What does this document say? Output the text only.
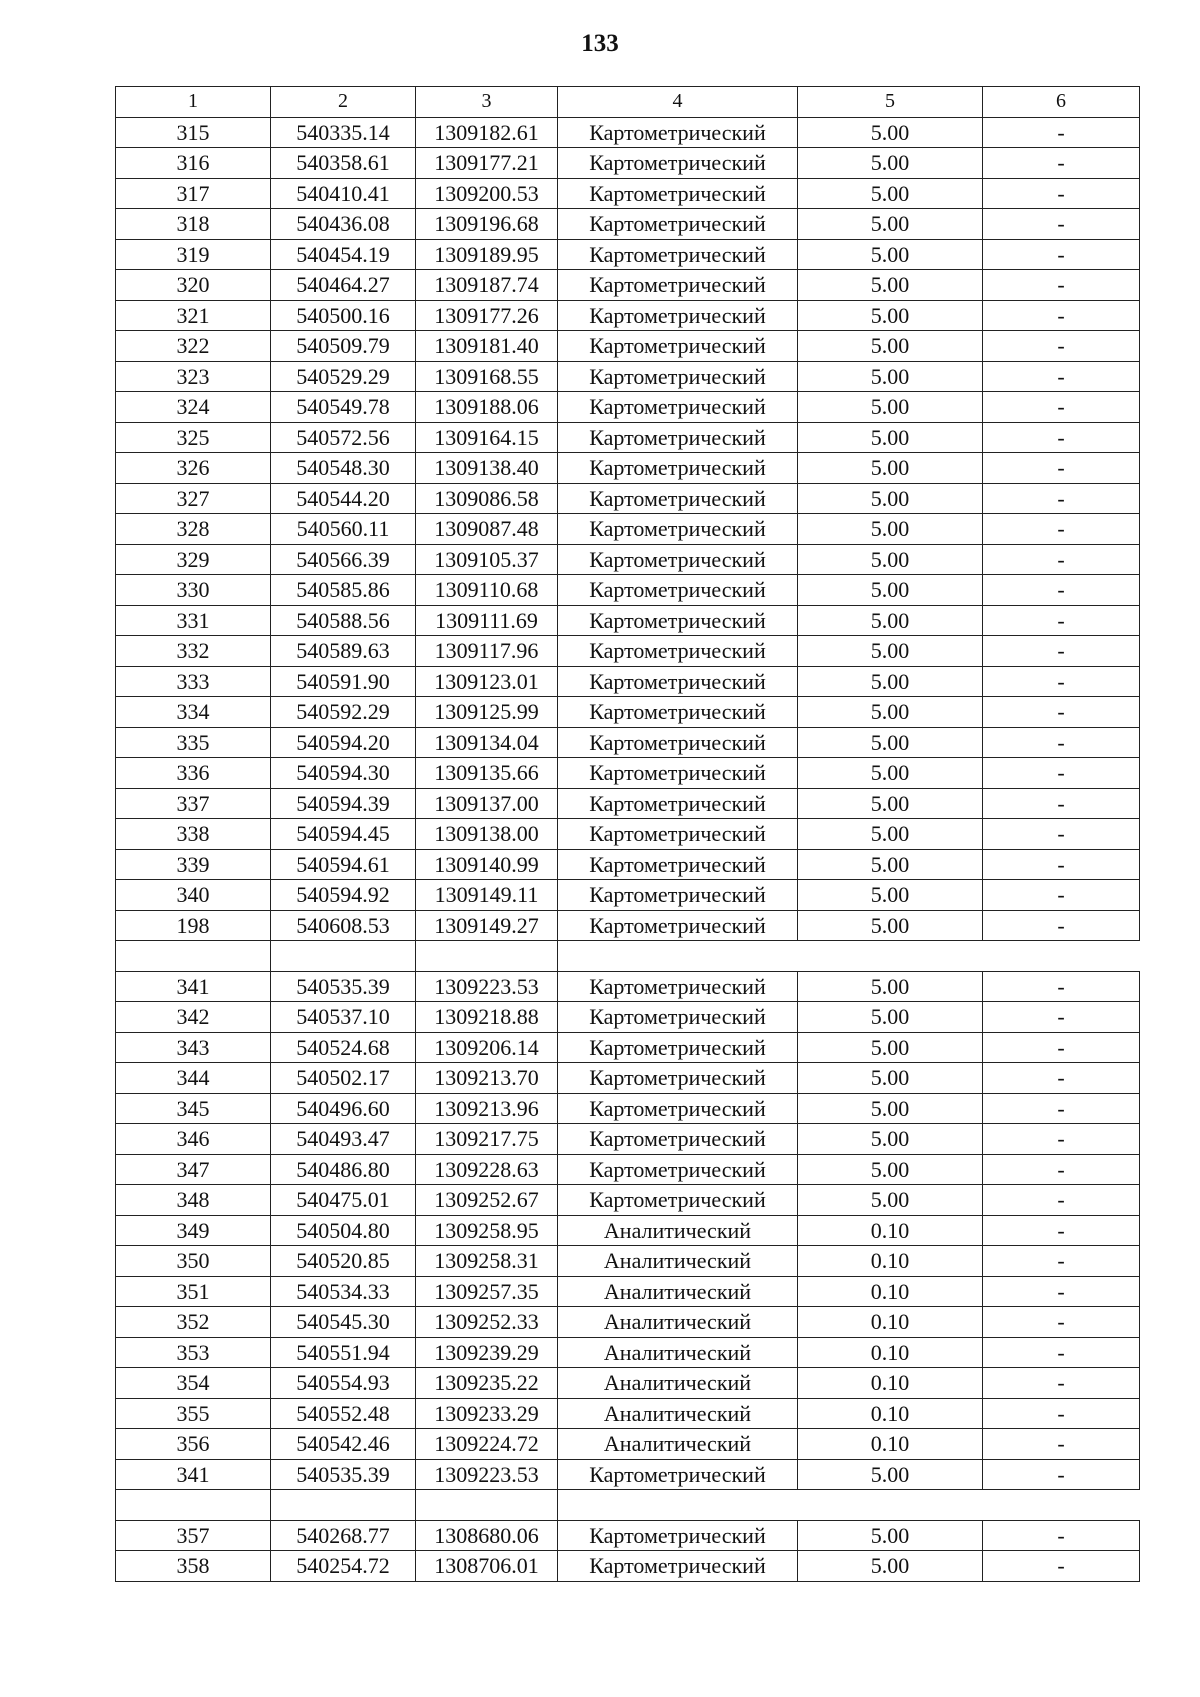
133
1	2	3	4	5	6
315	540335.14	1309182.61	Картометрический	5.00	-
316	540358.61	1309177.21	Картометрический	5.00	-
317	540410.41	1309200.53	Картометрический	5.00	-
318	540436.08	1309196.68	Картометрический	5.00	-
319	540454.19	1309189.95	Картометрический	5.00	-
320	540464.27	1309187.74	Картометрический	5.00	-
321	540500.16	1309177.26	Картометрический	5.00	-
322	540509.79	1309181.40	Картометрический	5.00	-
323	540529.29	1309168.55	Картометрический	5.00	-
324	540549.78	1309188.06	Картометрический	5.00	-
325	540572.56	1309164.15	Картометрический	5.00	-
326	540548.30	1309138.40	Картометрический	5.00	-
327	540544.20	1309086.58	Картометрический	5.00	-
328	540560.11	1309087.48	Картометрический	5.00	-
329	540566.39	1309105.37	Картометрический	5.00	-
330	540585.86	1309110.68	Картометрический	5.00	-
331	540588.56	1309111.69	Картометрический	5.00	-
332	540589.63	1309117.96	Картометрический	5.00	-
333	540591.90	1309123.01	Картометрический	5.00	-
334	540592.29	1309125.99	Картометрический	5.00	-
335	540594.20	1309134.04	Картометрический	5.00	-
336	540594.30	1309135.66	Картометрический	5.00	-
337	540594.39	1309137.00	Картометрический	5.00	-
338	540594.45	1309138.00	Картометрический	5.00	-
339	540594.61	1309140.99	Картометрический	5.00	-
340	540594.92	1309149.11	Картометрический	5.00	-
198	540608.53	1309149.27	Картометрический	5.00	-

341	540535.39	1309223.53	Картометрический	5.00	-
342	540537.10	1309218.88	Картометрический	5.00	-
343	540524.68	1309206.14	Картометрический	5.00	-
344	540502.17	1309213.70	Картометрический	5.00	-
345	540496.60	1309213.96	Картометрический	5.00	-
346	540493.47	1309217.75	Картометрический	5.00	-
347	540486.80	1309228.63	Картометрический	5.00	-
348	540475.01	1309252.67	Картометрический	5.00	-
349	540504.80	1309258.95	Аналитический	0.10	-
350	540520.85	1309258.31	Аналитический	0.10	-
351	540534.33	1309257.35	Аналитический	0.10	-
352	540545.30	1309252.33	Аналитический	0.10	-
353	540551.94	1309239.29	Аналитический	0.10	-
354	540554.93	1309235.22	Аналитический	0.10	-
355	540552.48	1309233.29	Аналитический	0.10	-
356	540542.46	1309224.72	Аналитический	0.10	-
341	540535.39	1309223.53	Картометрический	5.00	-

357	540268.77	1308680.06	Картометрический	5.00	-
358	540254.72	1308706.01	Картометрический	5.00	-
